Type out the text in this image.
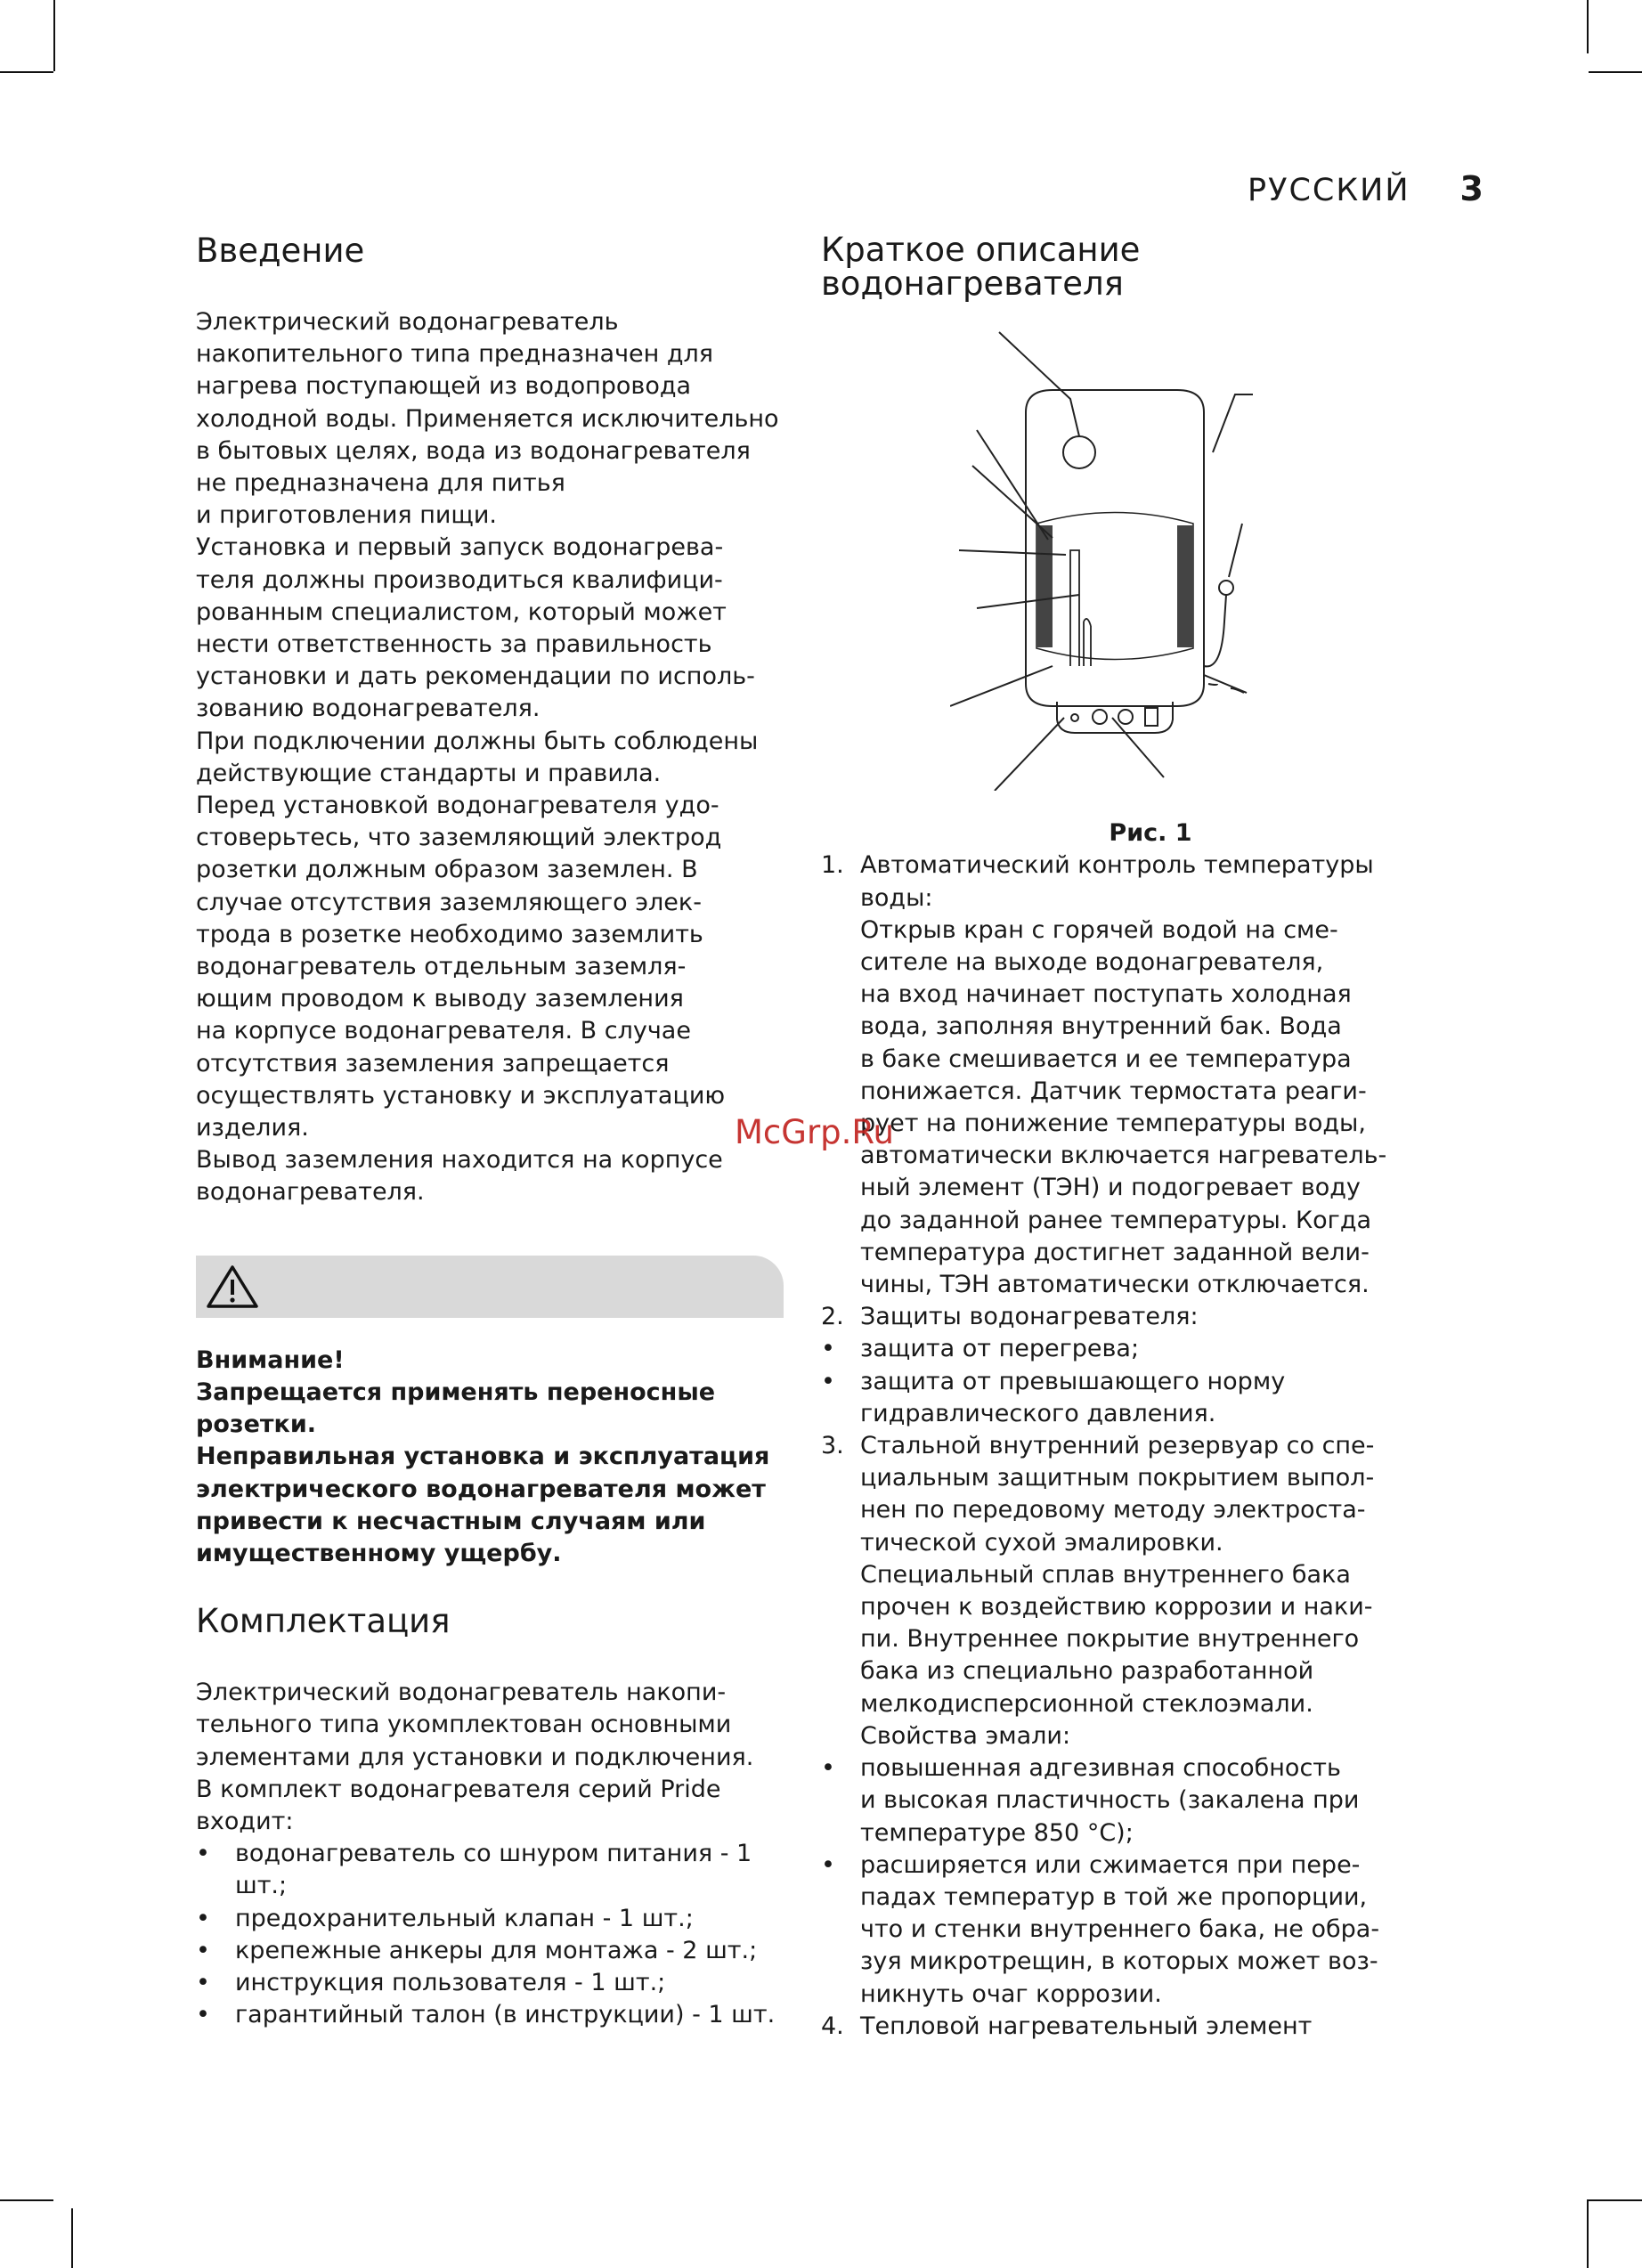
РУССКИЙ 3
Введение
Электрический водонагреватель
накопительного типа предназначен для
нагрева поступающей из водопровода
холодной воды. Применяется исключительно
в бытовых целях, вода из водонагревателя
не предназначена для питья
и приготовления пищи.
Установка и первый запуск водонагрева-
теля должны производиться квалифици-
рованным специалистом, который может
нести ответственность за правильность
установки и дать рекомендации по исполь-
зованию водонагревателя.
При подключении должны быть соблюдены
действующие стандарты и правила.
Перед установкой водонагревателя удо-
стоверьтесь, что заземляющий электрод
розетки должным образом заземлен. В
случае отсутствия заземляющего элек-
трода в розетке необходимо заземлить
водонагреватель отдельным заземля-
ющим проводом к выводу заземления
на корпусе водонагревателя. В случае
отсутствия заземления запрещается
осуществлять установку и эксплуатацию
изделия.
Вывод заземления находится на корпусе
водонагревателя.
Внимание!
Запрещается применять переносные
розетки.
Неправильная установка и эксплуатация
электрического водонагревателя может
привести к несчастным случаям или
имущественному ущербу.
Комплектация
Электрический водонагреватель накопи-
тельного типа укомплектован основными
элементами для установки и подключения.
В комплект водонагревателя серий Pride
входит:
•	водонагреватель со шнуром питания - 1
шт.;
•	предохранительный клапан - 1 шт.;
•	крепежные анкеры для монтажа - 2 шт.;
•	инструкция пользователя - 1 шт.;
•	гарантийный талон (в инструкции) - 1 шт.
Краткое описание
водонагревателя
Рис. 1
1. Автоматический контроль температуры
воды:
Открыв кран с горячей водой на сме-
сителе на выходе водонагревателя,
на вход начинает поступать холодная
вода, заполняя внутренний бак. Вода
в баке смешивается и ее температура
понижается. Датчик термостата реаги-
рует на понижение температуры воды,
автоматически включается нагреватель-
ный элемент (ТЭН) и подогревает воду
до заданной ранее температуры. Когда
температура достигнет заданной вели-
чины, ТЭН автоматически отключается.
2. Защиты водонагревателя:
•	защита от перегрева;
•	защита от превышающего норму
гидравлического давления.
3. Стальной внутренний резервуар со спе-
циальным защитным покрытием выпол-
нен по передовому методу электроста-
тической сухой эмалировки.
Специальный сплав внутреннего бака
прочен к воздействию коррозии и наки-
пи. Внутреннее покрытие внутреннего
бака из специально разработанной
мелкодисперсионной стеклоэмали.
Свойства эмали:
•	повышенная адгезивная способность
и высокая пластичность (закалена при
температуре 850 °C);
•	расширяется или сжимается при пере-
падах температур в той же пропорции,
что и стенки внутреннего бака, не обра-
зуя микротрещин, в которых может воз-
никнуть очаг коррозии.
4. Тепловой нагревательный элемент
McGrp.Ru
